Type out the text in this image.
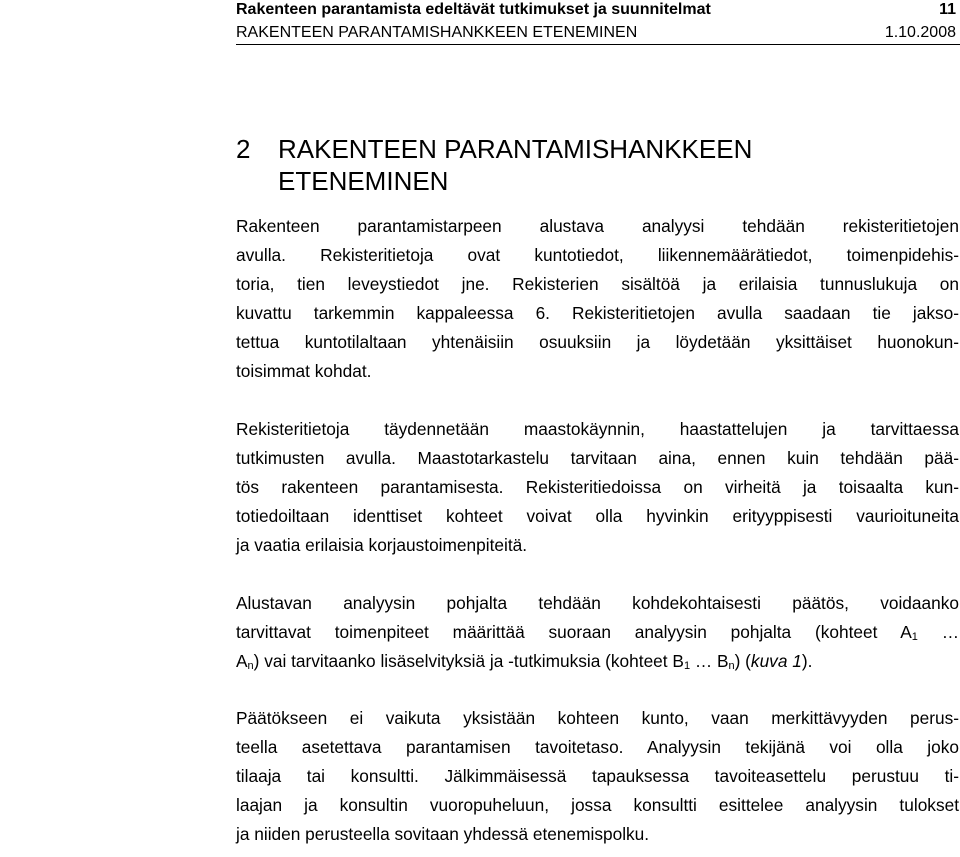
Rakenteen parantamista edeltävät tutkimukset ja suunnitelmat	11
RAKENTEEN PARANTAMISHANKKEEN ETENEMINEN	1.10.2008
2 RAKENTEEN PARANTAMISHANKKEEN
ETENEMINEN

Rakenteen parantamistarpeen alustava analyysi tehdään rekisteritietojen
avulla. Rekisteritietoja ovat kuntotiedot, liikennemäärätiedot, toimenpidehis-
toria, tien leveystiedot jne. Rekisterien sisältöä ja erilaisia tunnuslukuja on
kuvattu tarkemmin kappaleessa 6. Rekisteritietojen avulla saadaan tie jakso-
tettua kuntotilaltaan yhtenäisiin osuuksiin ja löydetään yksittäiset huonokun-
toisimmat kohdat.

Rekisteritietoja täydennetään maastokäynnin, haastattelujen ja tarvittaessa
tutkimusten avulla. Maastotarkastelu tarvitaan aina, ennen kuin tehdään pää-
tös rakenteen parantamisesta. Rekisteritiedoissa on virheitä ja toisaalta kun-
totiedoiltaan identtiset kohteet voivat olla hyvinkin erityyppisesti vaurioituneita
ja vaatia erilaisia korjaustoimenpiteitä.

Alustavan analyysin pohjalta tehdään kohdekohtaisesti päätös, voidaanko
tarvittavat toimenpiteet määrittää suoraan analyysin pohjalta (kohteet $A_1$ …
$A_n$) vai tarvitaanko lisäselvityksiä ja -tutkimuksia (kohteet $B_1$ … $B_n$) (kuva 1).

Päätökseen ei vaikuta yksistään kohteen kunto, vaan merkittävyyden perus-
teella asetettava parantamisen tavoitetaso. Analyysin tekijänä voi olla joko
tilaaja tai konsultti. Jälkimmäisessä tapauksessa tavoiteasettelu perustuu ti-
laajan ja konsultin vuoropuheluun, jossa konsultti esittelee analyysin tulokset
ja niiden perusteella sovitaan yhdessä etenemispolku.
